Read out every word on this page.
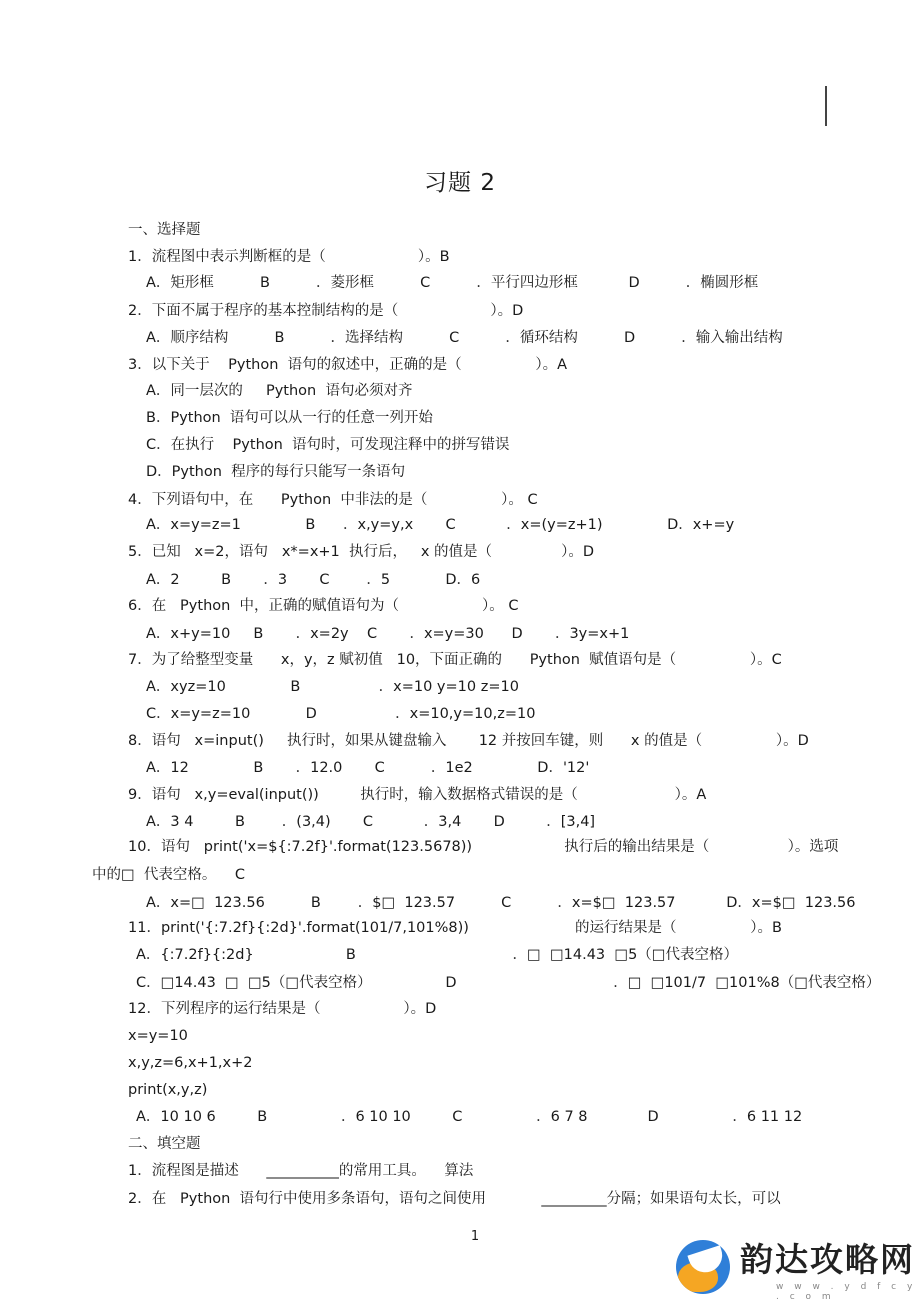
习题 2
一、选择题
1．流程图中表示判断框的是（                    ）。B
A．矩形框          B          ．菱形框          C          ．平行四边形框           D          ．椭圆形框
2．下面不属于程序的基本控制结构的是（                    ）。D
A．顺序结构          B          ．选择结构          C          ．循环结构          D          ．输入输出结构
3．以下关于    Python  语句的叙述中，正确的是（                ）。A
A．同一层次的     Python  语句必须对齐
B．Python  语句可以从一行的任意一列开始
C．在执行    Python  语句时，可发现注释中的拼写错误
D．Python  程序的每行只能写一条语句
4．下列语句中，在      Python  中非法的是（                ）。 C
A．x=y=z=1              B      ．x,y=y,x       C           ．x=(y=z+1)              D．x+=y
5．已知   x=2，语句   x*=x+1  执行后，   x 的值是（               ）。D
A．2         B       ．3       C        ．5            D．6
6．在   Python  中，正确的赋值语句为（                  ）。 C
A．x+y=10     B       ．x=2y    C       ．x=y=30      D       ．3y=x+1
7．为了给整型变量      x，y，z 赋初值   10，下面正确的      Python  赋值语句是（                ）。C
A．xyz=10              B                 ．x=10 y=10 z=10
C．x=y=z=10            D                 ．x=10,y=10,z=10
8．语句   x=input()     执行时，如果从键盘输入       12 并按回车键，则      x 的值是（                ）。D
A．12              B       ．12.0       C          ．1e2              D．'12'
9．语句   x,y=eval(input())         执行时，输入数据格式错误的是（                     ）。A
A．3 4         B        ．(3,4)       C           ．3,4       D         ．[3,4]
10．语句   print('x=${:7.2f}'.format(123.5678))                    执行后的输出结果是（                 ）。选项
中的□  代表空格。    C
A．x=□  123.56          B        ．$□  123.57          C          ．x=$□  123.57           D．x=$□  123.56
11．print('{:7.2f}{:2d}'.format(101/7,101%8))                       的运行结果是（                ）。B
A．{:7.2f}{:2d}                    B                                  ．□  □14.43  □5（□代表空格）
C．□14.43  □  □5（□代表空格）                D                                  ．□  □101/7  □101%8（□代表空格）
12．下列程序的运行结果是（                  ）。D
x=y=10
x,y,z=6,x+1,x+2
print(x,y,z)
A．10 10 6         B                ．6 10 10         C                ．6 7 8             D                ．6 11 12
二、填空题
1．流程图是描述      __________的常用工具。    算法
2．在   Python  语句行中使用多条语句，语句之间使用            _________分隔；如果语句太长，可以
1
韵达攻略网
w w w . y d f c y . c o m
